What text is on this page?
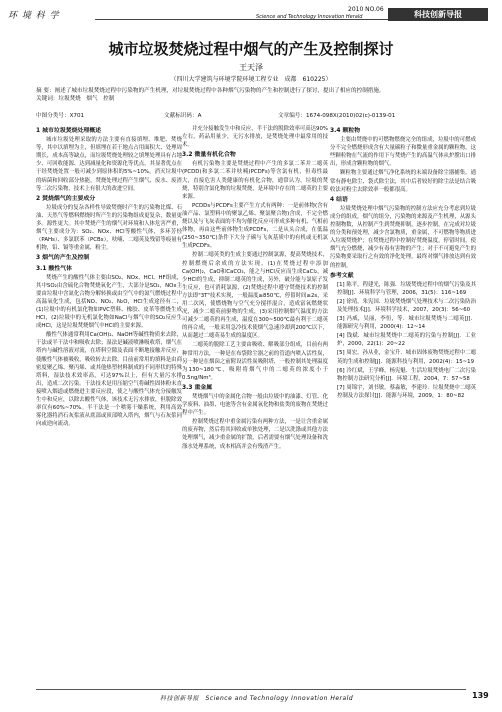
环 境 科 学
2010 NO.06
Science and Technology Innovation Herald	科技创新导报
城市垃圾焚烧过程中烟气的产生及控制探讨
王天泽
（四川大学建筑与环境学院环境工程专业　成都　610225）
摘 要：阐述了城市垃圾焚烧过程中污染物的产生机理，对垃圾焚烧过程中各种烟气污染物的产生和控制进行了探讨，提出了相应的控制措施。
关键词：垃圾焚烧　烟气　控制
中图分类号：X701	文献标识码：A	文章编号：1674-098X(2010)02(c)-0139-01
1 城市垃圾焚烧处理概述

城市垃圾处理采取的方法主要有直接填埋、堆肥、焚烧等，其中以填埋为主，但填埋在若干地点占用面积大、处理周期长，成本高等缺点，而垃圾焚烧处理较之填埋处理具有占地少、可回收能源、达到减量化和资源化等优点，其显著优点在于经焚烧处置一般可减少到原体积的5%~10%，消灭垃圾中的病菌和回收部分热能，焚烧处理过程产生烟气、废水、废渣等二次污染物，技术上有很大的改进空间。

2 焚烧烟气的主要成分

垃圾成分的复杂各样性导致焚烧时产生的污染物比煤、石油、天然气等燃料燃烧时所产生的污染物组成更复杂，数量更多。源性更大。其中焚烧产生的烟气对环境和人体危害严重，烟气主要成分为：SO₂、NOx、HCl等酸性气体，多环芳烃（PAHs）、多氯联苯（PCBs），呋喃、二噁英及残留等痕量有机物，铅、镉等重金属，粉尘。

3 烟气的产生及控制
3.1 酸性气体

焚烧产生的酸性气体主要由SO₂、NOx、HCl、HF组成，其中SO₂由含硫化合物焚烧氧化产生，大部分是SO₂，NOx主要由垃圾中含氮化合物分解转换或由空气中的氮气燃烧过程中高温氧化生成，包括NO、NO₂、N₂O，HCl生成途径有二，(1)垃圾中的有机氯化物如PVC塑料、橡胶、皮革等燃烧生成HCl，(2)垃圾中的无机氯化物如NaCl与烟气中的SO₂反应生成HCl，这是垃圾焚烧烟气中HCl的主要来源。

酸性气体通常利用Ca(OH)₂、NaOH等碱性物质来去除，干法或半干法中和吸收去除；湿法是碱液喷淋吸收塔，烟气在塔内与碱性溶液对流，在塔料空隙及表面不断地接触并反应，使酸性气体被吸收，吸收转去去除。目前前常用的填料是由商密度聚乙烯、聚丙烯、或其他热塑材料制成的不同形状的特殊塔料，湿法技术效率高，可达97%以上，但有大量污水排出，造成二次污染。干法技术是用压缩空气将碱性固体粉末直接喷入烟道或燃烧进主要反应段，使之与酸性气体充分接触发生中和反应，以除去酸性气体，该技术无污水排放，但脱除效率仅有60%~70%。半干法是一个喷雾干燥系统，利用高效雾化器将消石灰浆液从底部或顶部喷入塔内，烟气与石灰浆同向或逆向流动。

并充分接触发生中和反应，半干法的脱除效率可高达90%左右，药品用量少，无污水排放，是焚烧处理中最常用的技术。

3.2 微量有机化合物

有机污染物主要是焚烧过程中产生的多氯二苯并二噁英(PCDD)和多氯二苯并呋喃(PCDFs)等含氯有机，但毒性最大，直接危害人类健康的有机化合物，通常认为，垃圾的焚烧，特别含氯化物的垃圾焚烧，是环境中存在的二噁英的主要来源。

PCDDs与PCDFs主要产生方式有两种：一是前体物(含有油产品、氯塑料中的聚氯乙烯、聚氯聚合物)含成，不完全燃烧以及与飞灰表面的不均匀催化反应可形成多种有机、气相前体物，再由这些前体物生成PCDFs，二是从头合成，在低温(250~350℃)条件下大分子碳与飞灰基质中的有机或无机氯生成PCDFs。

控制二噁英类的生成主要通过控制氯源，提高焚烧技术，控制燃烧后余成的方法实现，(1)在焚烧过程中添加Ca(OH)₂，CaO和CaCO₃，能之与HCl反应而生成CaCl₂，减少HCl的生成，抑制二噁英的生成，另外，破分能与氯原子发生反应，也可消耗氯源，(2)焚烧过程中遵守焚烧技术的控制方法即"3T"技术实现，一般温度≥850℃，停留时间≥2s，采用二次风，使燃烧物与空气充分搅拌混合，造成富氧燃烧状况，减少二噁英前驱物的生成，(3)采用控制烟气温度的方法可减少二噁英的再生成，温度在300~500℃最有利于二噁英的再合成，一般采用急冷技术使烟气急速冷却到200℃以下，从而越过二噁英易生成的温度区。

二噁英的脱除工艺主要由吸收、解吸部分组成，目前有两种常用方法，一种是在布袋除尘器之前的管道内喷入活性炭，另一种是在烟囱之前附设活性炭吸附塔，一般控制其处理温度为130~180℃，吸附将烟气中的二噁英的浓度小于0.5ng/Nm³。

3.3 重金属

焚烧烟气中的金属化合物一般由垃圾中的油漆、灯管、化学废料、油墨、电池等含有金属氧化物和盐类的废物在焚烧过程中产生。

控制焚烧过程中重金属污染有两种方法，一是让含重金属的废弃物，然后将其回收或单独处理，二是以洗涤或其他方法处理烟气，减少重金属的扩散，后者需要有烟气处理设备和洗涤水处理系统，成本相高并会有残渣产生。

3.4 颗粒物

主要由焚烧中的可燃物燃烧完全的组成，垃圾中的可燃成分不完全燃烧形成含有大量碳粒子和微量重金属的颗粒物，这些颗粒物在气流的作用下与焚烧产生的高温气体从炉膛出口排出，形成含颗粒物的烟气。

颗粒物主要通过烟气净化系统的末端设备除尘器捕集，通常有静电除尘、袋式除尘法，其中后者较好的除尘法是结合吸收法对粉尘去除效率一般都很高。

4 结语

垃圾焚烧处理中烟气污染物的控制方法应充分考虑到垃圾成分的组成，烟气的组分，污染物的来源及产生机理，从源头控制物数，从控制产生到焚烧抑制，逐步控制，在完成对垃圾的分类和预处理，减少含氯物质，重金属，不可燃物等物质进入垃圾焚烧炉；在焚烧过程中控制好焚烧温度，停留时间，使烟气充分燃烧，减少有毒有害物的产生；对于不可避免产生的污染物要采取行之有效的净化处理，最终对烟气排放达到有效的控制。

参考文献

[1] 陈平，程建光，陈强．垃圾焚烧过程中的烟气污染及其控制[J]．环境科学与管理，2006，31(5)：116~169

[2] 徐靖，朱宪国．垃圾焚烧烟气处理技术与二次污染防治及处理技术[J]．环境科学技术，2007，20(3)：56~60

[3] 冯威，吴丽，李恒，等．城市垃圾焚烧与二噁英[J]．能源研究与利用，2000(4)：12~14

[4] 钱斌．城市垃圾焚烧中二噁英的污染与控制[J]．工业炉，2000，22(1)：20~22

[5] 周宏，孙从业，金宝升．城市固体废物焚烧过程中二噁英的生成和控制[J]．能源科技与利用，2002(4)：15~19

[6] 冷红斌，王学峰，杨宪魁．生活垃圾焚烧电厂二次污染物控制方法研究分析[J]．环境工程，2004，7：57~58

[7] 周锦宇，刘书敏，蔡淼敏，李建玲．垃圾焚烧中二噁英控制及方法探讨[J]．能源与环境，2009，1：80~82

科技创新导报　Science and Technology Innovation Herald	139
